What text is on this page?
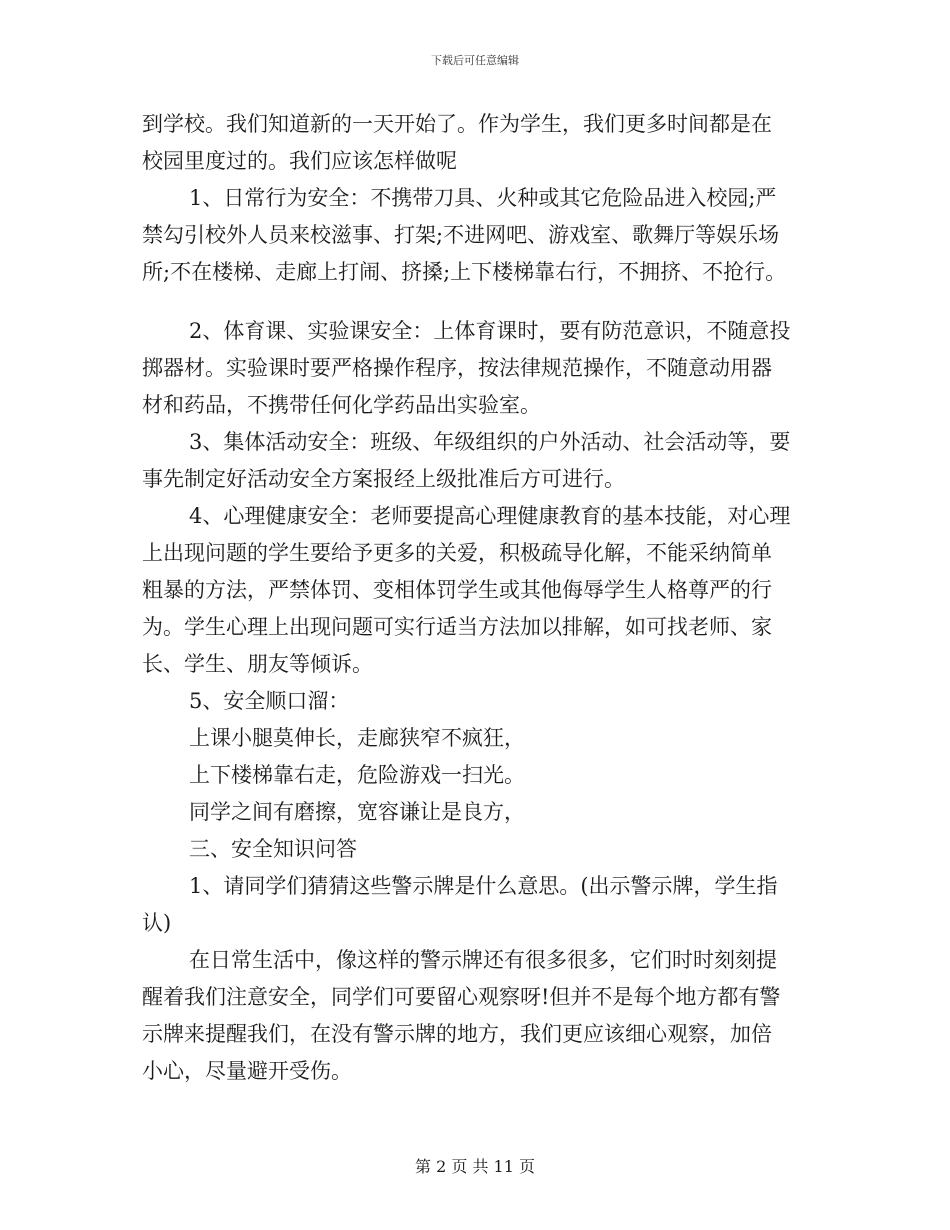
下载后可任意编辑
到学校。我们知道新的一天开始了。作为学生，我们更多时间都是在
校园里度过的。我们应该怎样做呢
1、日常行为安全：不携带刀具、火种或其它危险品进入校园;严
禁勾引校外人员来校滋事、打架;不进网吧、游戏室、歌舞厅等娱乐场
所;不在楼梯、走廊上打闹、挤搡;上下楼梯靠右行，不拥挤、不抢行。
2、体育课、实验课安全：上体育课时，要有防范意识，不随意投
掷器材。实验课时要严格操作程序，按法律规范操作，不随意动用器
材和药品，不携带任何化学药品出实验室。
3、集体活动安全：班级、年级组织的户外活动、社会活动等，要
事先制定好活动安全方案报经上级批准后方可进行。
4、心理健康安全：老师要提高心理健康教育的基本技能，对心理
上出现问题的学生要给予更多的关爱，积极疏导化解，不能采纳简单
粗暴的方法，严禁体罚、变相体罚学生或其他侮辱学生人格尊严的行
为。学生心理上出现问题可实行适当方法加以排解，如可找老师、家
长、学生、朋友等倾诉。
5、安全顺口溜：
上课小腿莫伸长，走廊狭窄不疯狂，
上下楼梯靠右走，危险游戏一扫光。
同学之间有磨擦，宽容谦让是良方，
三、安全知识问答
1、请同学们猜猜这些警示牌是什么意思。(出示警示牌，学生指
认)
在日常生活中，像这样的警示牌还有很多很多，它们时时刻刻提
醒着我们注意安全，同学们可要留心观察呀!但并不是每个地方都有警
示牌来提醒我们，在没有警示牌的地方，我们更应该细心观察，加倍
小心，尽量避开受伤。
第 2 页 共 11 页
